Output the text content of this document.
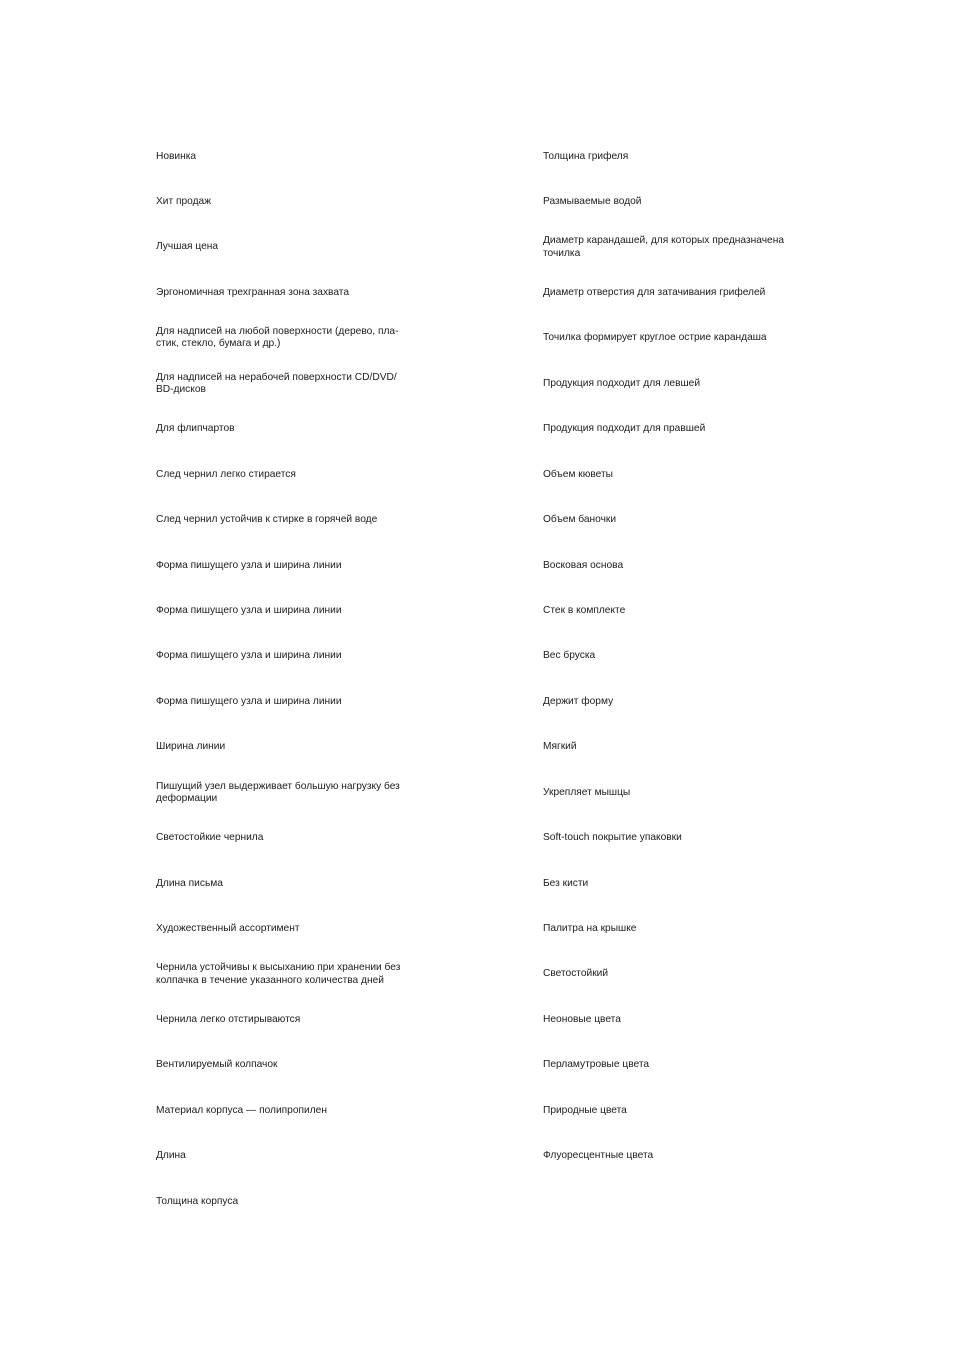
Новинка
Хит продаж
Лучшая цена
Эргономичная трехгранная зона захвата
Для надписей на любой поверхности (дерево, пла-
стик, стекло, бумага и др.)
Для надписей на нерабочей поверхности CD/DVD/
BD-дисков
Для флипчартов
След чернил легко стирается
След чернил устойчив к стирке в горячей воде
Форма пишущего узла и ширина линии
Форма пишущего узла и ширина линии
Форма пишущего узла и ширина линии
Форма пишущего узла и ширина линии
Ширина линии
Пишущий узел выдерживает большую нагрузку без
деформации
Светостойкие чернила
Длина письма
Художественный ассортимент
Чернила устойчивы к высыханию при хранении без
колпачка в течение указанного количества дней
Чернила легко отстирываются
Вентилируемый колпачок
Материал корпуса — полипропилен
Длина
Толщина корпуса
Толщина грифеля
Размываемые водой
Диаметр карандашей, для которых предназначена
точилка
Диаметр отверстия для затачивания грифелей
Точилка формирует круглое острие карандаша
Продукция подходит для левшей
Продукция подходит для правшей
Объем кюветы
Объем баночки
Восковая основа
Стек в комплекте
Вес бруска
Держит форму
Мягкий
Укрепляет мышцы
Soft-touch покрытие упаковки
Без кисти
Палитра на крышке
Светостойкий
Неоновые цвета
Перламутровые цвета
Природные цвета
Флуоресцентные цвета
